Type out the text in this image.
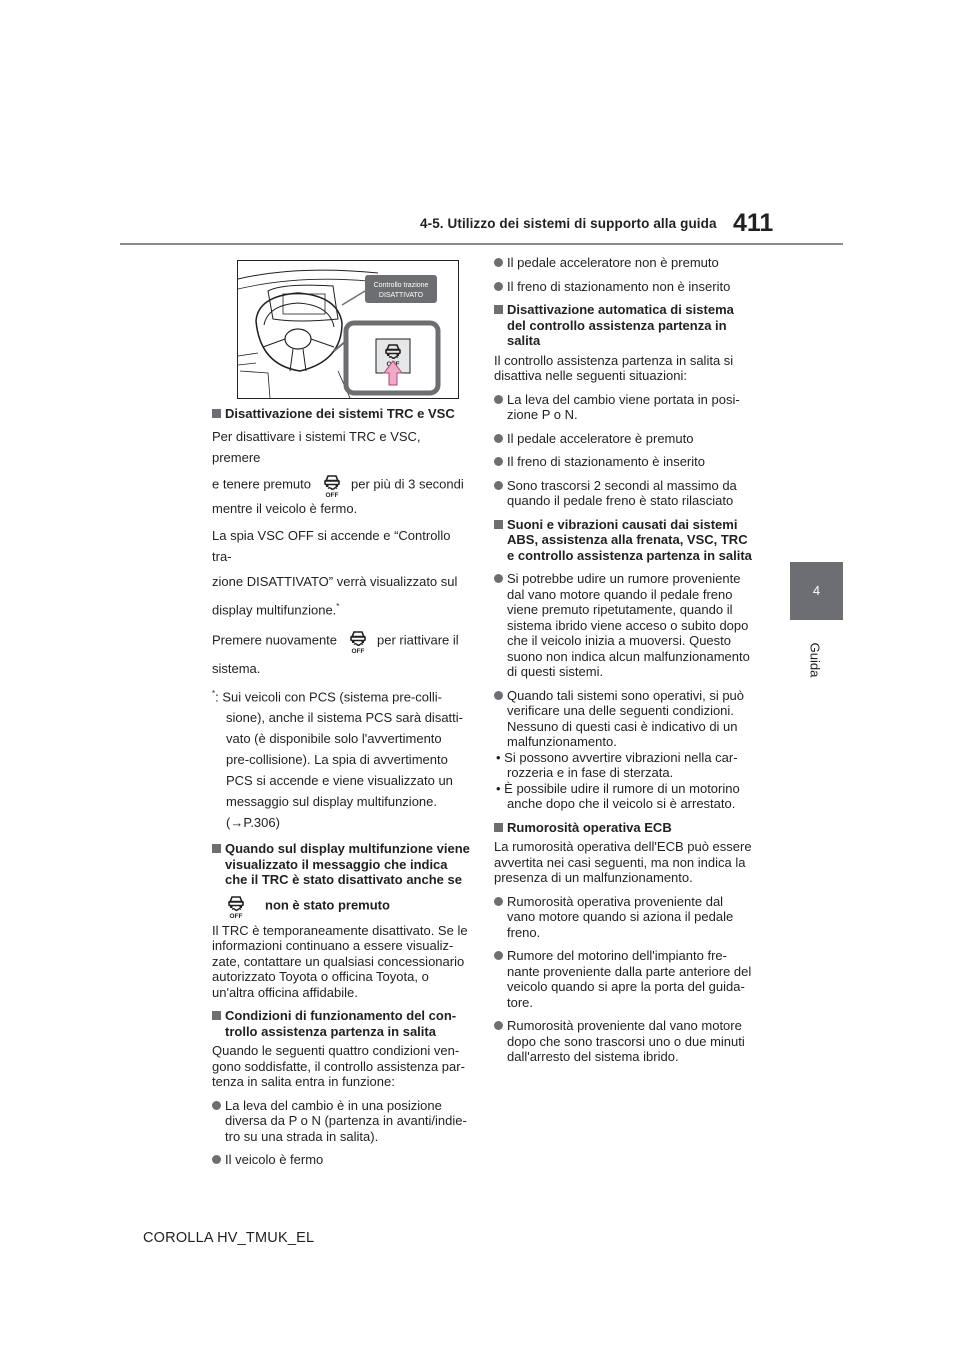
4-5. Utilizzo dei sistemi di supporto alla guida 411
4
Guida
Controllo trazione
DISATTIVATO

Disattivazione dei sistemi TRC e VSC

Per disattivare i sistemi TRC e VSC, premere

e tenere premuto	per più di 3 secondi

mentre il veicolo è fermo.

La spia VSC OFF si accende e “Controllo tra-

zione DISATTIVATO” verrà visualizzato sul

display multifunzione.*

Premere nuovamente	per riattivare il

sistema.

*: Sui veicoli con PCS (sistema pre-colli-

sione), anche il sistema PCS sarà disatti-

vato (è disponibile solo l'avvertimento

pre-collisione). La spia di avvertimento

PCS si accende e viene visualizzato un

messaggio sul display multifunzione.

(→P.306)

Quando sul display multifunzione viene
visualizzato il messaggio che indica
che il TRC è stato disattivato anche se
non è stato premuto

Il TRC è temporaneamente disattivato. Se le informazioni continuano a essere visualiz-zate, contattare un qualsiasi concessionario autorizzato Toyota o officina Toyota, o un'altra officina affidabile.

Condizioni di funzionamento del con-
trollo assistenza partenza in salita

Quando le seguenti quattro condizioni ven-gono soddisfatte, il controllo assistenza par-tenza in salita entra in funzione:

La leva del cambio è in una posizione diversa da P o N (partenza in avanti/indie-tro su una strada in salita).

Il veicolo è fermo

Il pedale acceleratore non è premuto

Il freno di stazionamento non è inserito

Disattivazione automatica di sistema
del controllo assistenza partenza in
salita

Il controllo assistenza partenza in salita si disattiva nelle seguenti situazioni:

La leva del cambio viene portata in posi-zione P o N.

Il pedale acceleratore è premuto

Il freno di stazionamento è inserito

Sono trascorsi 2 secondi al massimo da quando il pedale freno è stato rilasciato

Suoni e vibrazioni causati dai sistemi
ABS, assistenza alla frenata, VSC, TRC
e controllo assistenza partenza in salita

Si potrebbe udire un rumore proveniente dal vano motore quando il pedale freno viene premuto ripetutamente, quando il sistema ibrido viene acceso o subito dopo che il veicolo inizia a muoversi. Questo suono non indica alcun malfunzionamento di questi sistemi.

Quando tali sistemi sono operativi, si può verificare una delle seguenti condizioni. Nessuno di questi casi è indicativo di un malfunzionamento.

• Si possono avvertire vibrazioni nella car-rozzeria e in fase di sterzata.

• È possibile udire il rumore di un motorino anche dopo che il veicolo si è arrestato.

Rumorosità operativa ECB

La rumorosità operativa dell'ECB può essere avvertita nei casi seguenti, ma non indica la presenza di un malfunzionamento.

Rumorosità operativa proveniente dal vano motore quando si aziona il pedale freno.

Rumore del motorino dell'impianto fre-nante proveniente dalla parte anteriore del veicolo quando si apre la porta del guida-tore.

Rumorosità proveniente dal vano motore dopo che sono trascorsi uno o due minuti dall'arresto del sistema ibrido.

COROLLA HV_TMUK_EL
